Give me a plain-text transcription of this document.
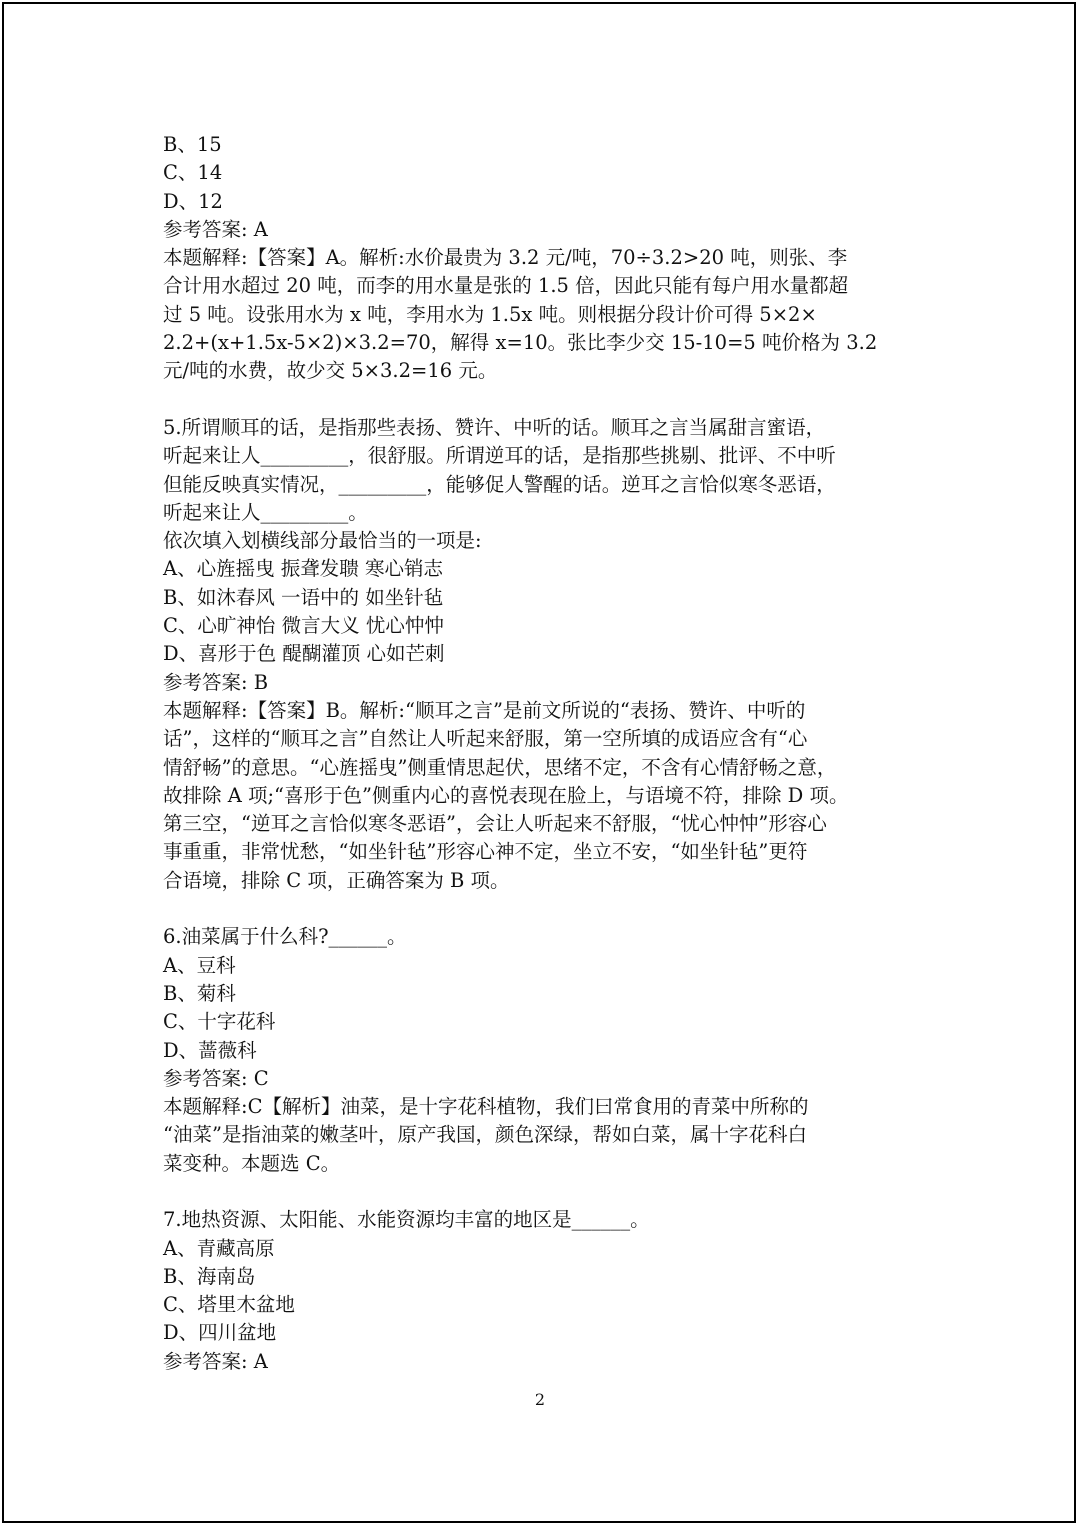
B、15
C、14
D、12
参考答案: A
本题解释:【答案】A。解析:水价最贵为 3.2 元/吨，70÷3.2>20 吨，则张、李
合计用水超过 20 吨，而李的用水量是张的 1.5 倍，因此只能有每户用水量都超
过 5 吨。设张用水为 x 吨，李用水为 1.5x 吨。则根据分段计价可得 5×2×
2.2+(x+1.5x-5×2)×3.2=70，解得 x=10。张比李少交 15-10=5 吨价格为 3.2
元/吨的水费，故少交 5×3.2=16 元。
5.所谓顺耳的话，是指那些表扬、赞许、中听的话。顺耳之言当属甜言蜜语，
听起来让人_________，很舒服。所谓逆耳的话，是指那些挑剔、批评、不中听
但能反映真实情况，_________，能够促人警醒的话。逆耳之言恰似寒冬恶语，
听起来让人_________。
依次填入划横线部分最恰当的一项是:
A、心旌摇曳 振聋发聩 寒心销志
B、如沐春风 一语中的 如坐针毡
C、心旷神怡 微言大义 忧心忡忡
D、喜形于色 醍醐灌顶 心如芒刺
参考答案: B
本题解释:【答案】B。解析:“顺耳之言”是前文所说的“表扬、赞许、中听的
话”，这样的“顺耳之言”自然让人听起来舒服，第一空所填的成语应含有“心
情舒畅”的意思。“心旌摇曳”侧重情思起伏，思绪不定，不含有心情舒畅之意，
故排除 A 项;“喜形于色”侧重内心的喜悦表现在脸上，与语境不符，排除 D 项。
第三空，“逆耳之言恰似寒冬恶语”，会让人听起来不舒服，“忧心忡忡”形容心
事重重，非常忧愁，“如坐针毡”形容心神不定，坐立不安，“如坐针毡”更符
合语境，排除 C 项，正确答案为 B 项。
6.油菜属于什么科?______。
A、豆科
B、菊科
C、十字花科
D、蔷薇科
参考答案: C
本题解释:C【解析】油菜，是十字花科植物，我们曰常食用的青菜中所称的
“油菜”是指油菜的嫩茎叶，原产我国，颜色深绿，帮如白菜，属十字花科白
菜变种。本题选 C。
7.地热资源、太阳能、水能资源均丰富的地区是______。
A、青藏高原
B、海南岛
C、塔里木盆地
D、四川盆地
参考答案: A
2
